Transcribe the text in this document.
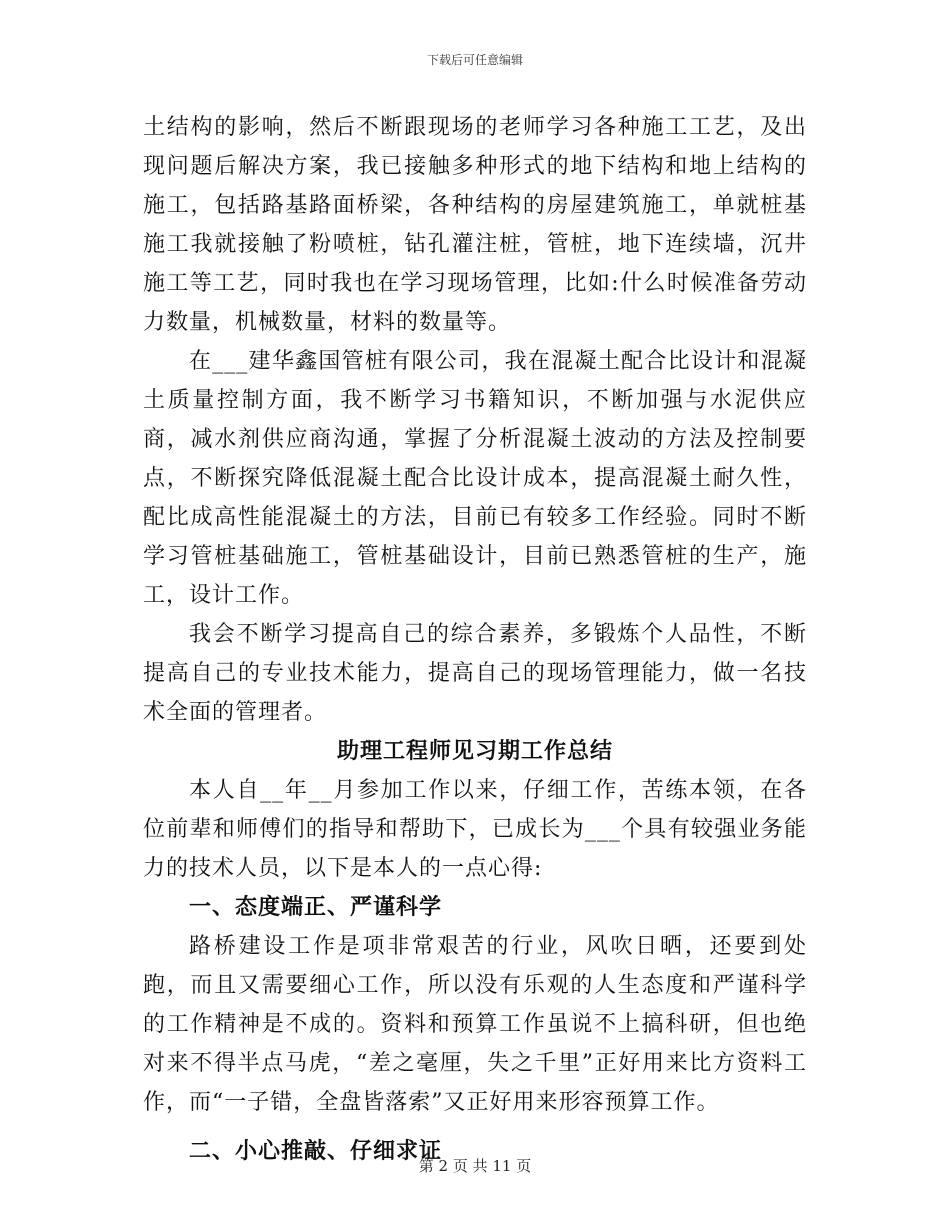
下载后可任意编辑

土结构的影响，然后不断跟现场的老师学习各种施工工艺，及出现问题后解决方案，我已接触多种形式的地下结构和地上结构的施工，包括路基路面桥梁，各种结构的房屋建筑施工，单就桩基施工我就接触了粉喷桩，钻孔灌注桩，管桩，地下连续墙，沉井施工等工艺，同时我也在学习现场管理，比如:什么时候准备劳动力数量，机械数量，材料的数量等。

在___建华鑫国管桩有限公司，我在混凝土配合比设计和混凝土质量控制方面，我不断学习书籍知识，不断加强与水泥供应商，减水剂供应商沟通，掌握了分析混凝土波动的方法及控制要点，不断探究降低混凝土配合比设计成本，提高混凝土耐久性，配比成高性能混凝土的方法，目前已有较多工作经验。同时不断学习管桩基础施工，管桩基础设计，目前已熟悉管桩的生产，施工，设计工作。

我会不断学习提高自己的综合素养，多锻炼个人品性，不断提高自己的专业技术能力，提高自己的现场管理能力，做一名技术全面的管理者。

助理工程师见习期工作总结

本人自__年__月参加工作以来，仔细工作，苦练本领，在各位前辈和师傅们的指导和帮助下，已成长为___个具有较强业务能力的技术人员，以下是本人的一点心得:

一、态度端正、严谨科学

路桥建设工作是项非常艰苦的行业，风吹日晒，还要到处跑，而且又需要细心工作，所以没有乐观的人生态度和严谨科学的工作精神是不成的。资料和预算工作虽说不上搞科研，但也绝对来不得半点马虎，“差之毫厘，失之千里”正好用来比方资料工作，而“一子错，全盘皆落索”又正好用来形容预算工作。

二、小心推敲、仔细求证

第 2 页 共 11 页
